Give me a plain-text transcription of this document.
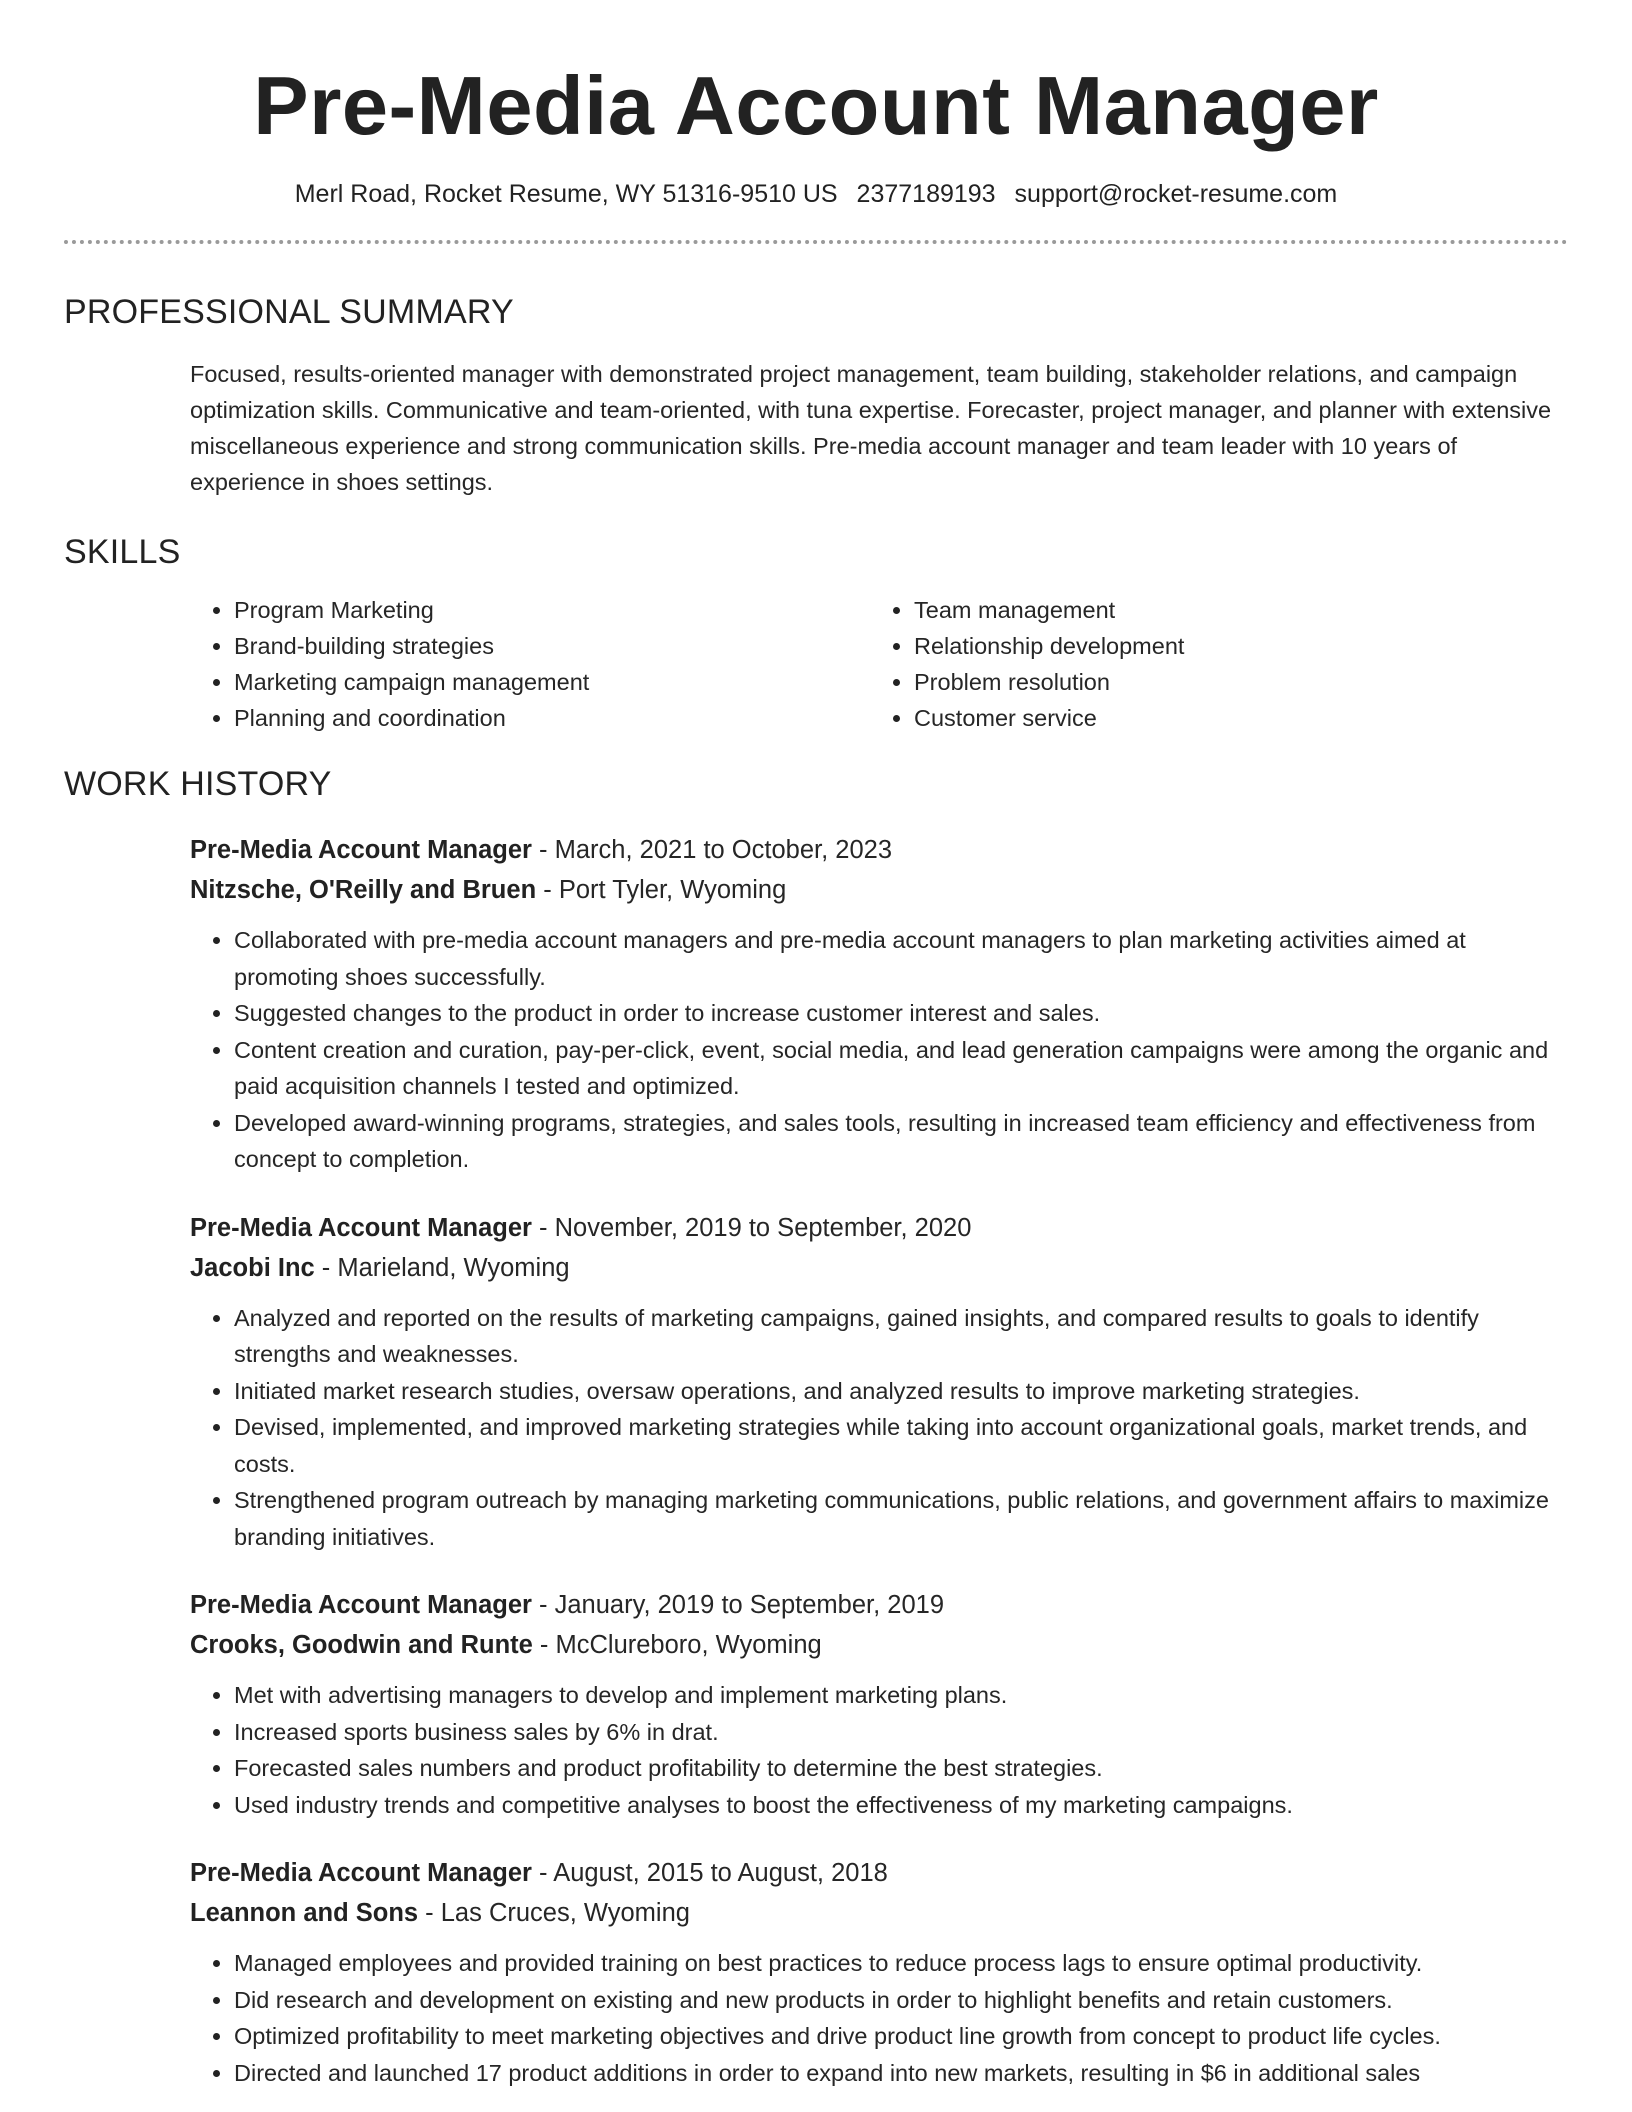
Pre-Media Account Manager
Merl Road, Rocket Resume, WY 51316-9510 US 2377189193 support@rocket-resume.com
PROFESSIONAL SUMMARY

Focused, results-oriented manager with demonstrated project management, team building, stakeholder relations, and campaign optimization skills. Communicative and team-oriented, with tuna expertise. Forecaster, project manager, and planner with extensive miscellaneous experience and strong communication skills. Pre-media account manager and team leader with 10 years of experience in shoes settings.

SKILLS
• Program Marketing
• Brand-building strategies
• Marketing campaign management
• Planning and coordination
• Team management
• Relationship development
• Problem resolution
• Customer service
WORK HISTORY
Pre-Media Account Manager - March, 2021 to October, 2023
Nitzsche, O'Reilly and Bruen - Port Tyler, Wyoming
• Collaborated with pre-media account managers and pre-media account managers to plan marketing activities aimed at promoting shoes successfully.
• Suggested changes to the product in order to increase customer interest and sales.
• Content creation and curation, pay-per-click, event, social media, and lead generation campaigns were among the organic and paid acquisition channels I tested and optimized.
• Developed award-winning programs, strategies, and sales tools, resulting in increased team efficiency and effectiveness from concept to completion.
Pre-Media Account Manager - November, 2019 to September, 2020
Jacobi Inc - Marieland, Wyoming
• Analyzed and reported on the results of marketing campaigns, gained insights, and compared results to goals to identify strengths and weaknesses.
• Initiated market research studies, oversaw operations, and analyzed results to improve marketing strategies.
• Devised, implemented, and improved marketing strategies while taking into account organizational goals, market trends, and costs.
• Strengthened program outreach by managing marketing communications, public relations, and government affairs to maximize branding initiatives.
Pre-Media Account Manager - January, 2019 to September, 2019
Crooks, Goodwin and Runte - McClureboro, Wyoming
• Met with advertising managers to develop and implement marketing plans.
• Increased sports business sales by 6% in drat.
• Forecasted sales numbers and product profitability to determine the best strategies.
• Used industry trends and competitive analyses to boost the effectiveness of my marketing campaigns.
Pre-Media Account Manager - August, 2015 to August, 2018
Leannon and Sons - Las Cruces, Wyoming
• Managed employees and provided training on best practices to reduce process lags to ensure optimal productivity.
• Did research and development on existing and new products in order to highlight benefits and retain customers.
• Optimized profitability to meet marketing objectives and drive product line growth from concept to product life cycles.
• Directed and launched 17 product additions in order to expand into new markets, resulting in $6 in additional sales
